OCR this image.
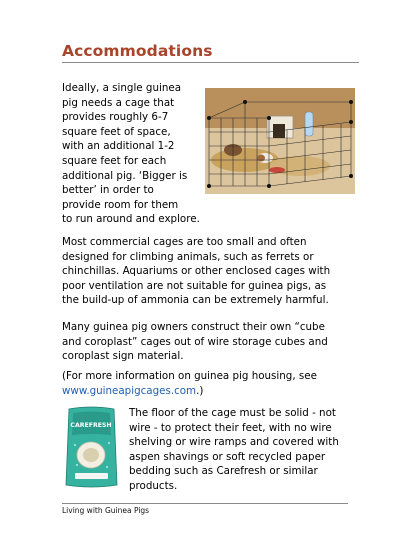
Accommodations

Ideally, a single guinea
pig needs a cage that
provides roughly 6-7
square feet of space,
with an additional 1-2
square feet for each
additional pig. ‘Bigger is
better’ in order to
provide room for them
to run around and explore.

Most commercial cages are too small and often
designed for climbing animals, such as ferrets or
chinchillas. Aquariums or other enclosed cages with
poor ventilation are not suitable for guinea pigs, as
the build-up of ammonia can be extremely harmful.

Many guinea pig owners construct their own “cube
and coroplast” cages out of wire storage cubes and
coroplast sign material.

(For more information on guinea pig housing, see
www.guineapigcages.com.)

CAREFRESH

The floor of the cage must be solid - not
wire - to protect their feet, with no wire
shelving or wire ramps and covered with
aspen shavings or soft recycled paper
bedding such as Carefresh or similar
products.

Living with Guinea Pigs
